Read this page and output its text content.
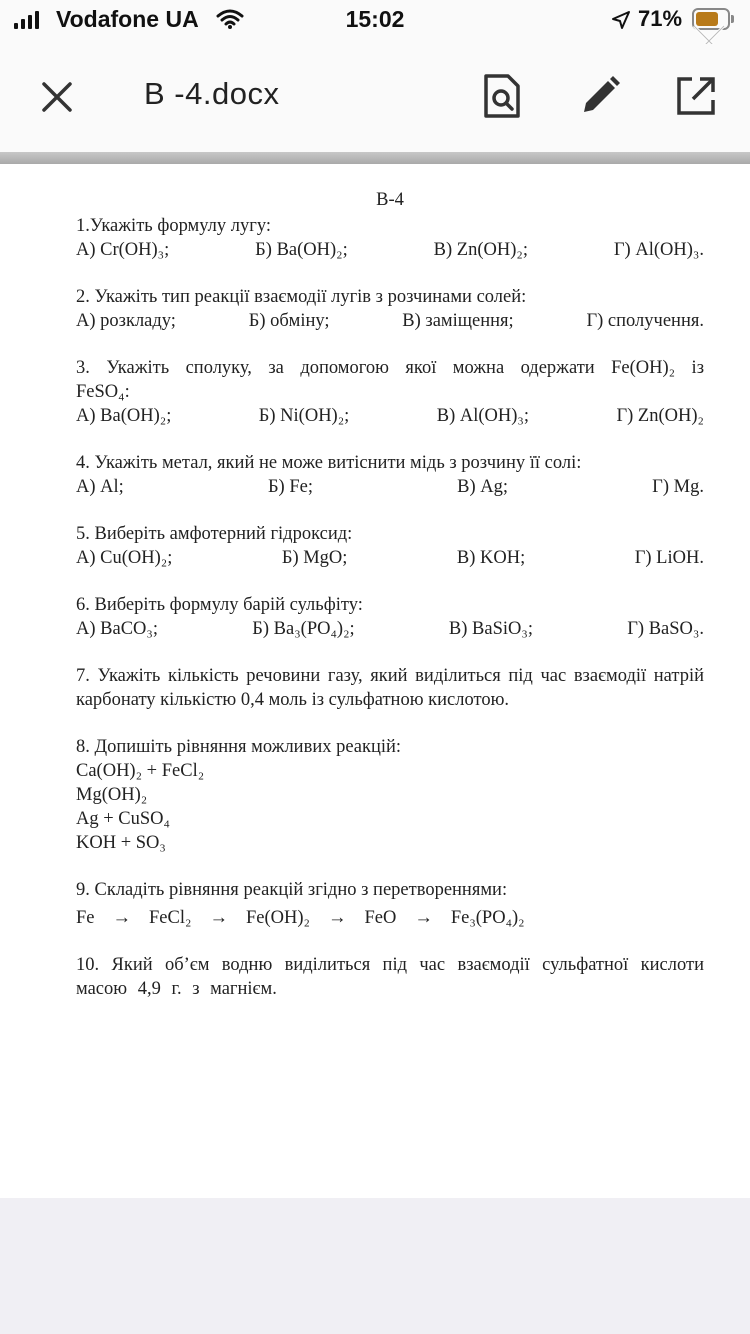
Vodafone UA	15:02	71%
В -4.docx
В-4
1.Укажіть формулу лугу:
А) Cr(OH)₃;	Б) Ba(OH)₂;	В) Zn(OH)₂;	Г) Al(OH)₃.
2. Укажіть тип реакції взаємодії лугів з розчинами солей:
А) розкладу;	Б) обміну;	В) заміщення;	Г) сполучення.
3. Укажіть сполуку, за допомогою якої можна одержати Fe(OH)₂ із FeSO₄:
А) Ba(OH)₂;	Б) Ni(OH)₂;	В) Al(OH)₃;	Г) Zn(OH)₂
4. Укажіть метал, який не може витіснити мідь з розчину її солі:
А) Al;	Б) Fe;	В) Ag;	Г) Mg.
5. Виберіть амфотерний гідроксид:
А) Cu(OH)₂;	Б) MgO;	В) KOH;	Г) LiOH.
6. Виберіть формулу барій сульфіту:
А) BaCO₃;	Б) Ba₃(PO₄)₂;	В) BaSiO₃;	Г) BaSO₃.
7. Укажіть кількість речовини газу, який виділиться під час взаємодії натрій карбонату кількістю 0,4 моль із сульфатною кислотою.
8. Допишіть рівняння можливих реакцій:
Ca(OH)₂ + FeCl₂
Mg(OH)₂
Ag + CuSO₄
KOH + SO₃
9. Складіть рівняння реакцій згідно з перетвореннями:
Fe → FeCl₂ → Fe(OH)₂ → FeO → Fe₃(PO₄)₂
10. Який об’єм водню виділиться під час взаємодії сульфатної кислоти масою 4,9 г. з магнієм.
